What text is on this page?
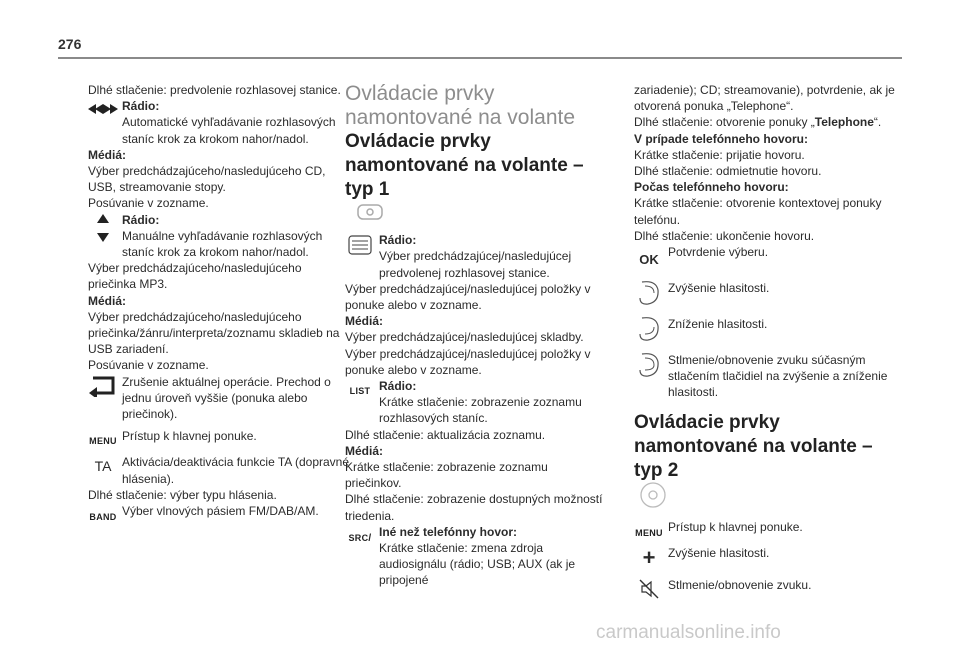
276

Dlhé stlačenie: predvolenie rozhlasovej stanice.

Rádio:

Automatické vyhľadávanie rozhlasových staníc krok za krokom nahor/nadol.

Médiá:

Výber predchádzajúceho/nasledujúceho CD, USB, streamovanie stopy.

Posúvanie v zozname.

Rádio:

Manuálne vyhľadávanie rozhlasových staníc krok za krokom nahor/nadol.

Výber predchádzajúceho/nasledujúceho priečinka MP3.

Médiá:

Výber predchádzajúceho/nasledujúceho priečinka/žánru/interpreta/zoznamu skladieb na USB zariadení.

Posúvanie v zozname.

Zrušenie aktuálnej operácie. Prechod o jednu úroveň vyššie (ponuka alebo priečinok).

MENU Prístup k hlavnej ponuke.

TA Aktivácia/deaktivácia funkcie TA (dopravné hlásenia).

Dlhé stlačenie: výber typu hlásenia.

BAND Výber vlnových pásiem FM/DAB/AM.

Ovládacie prvky namontované na volante

Ovládacie prvky namontované na volante – typ 1

Rádio:

Výber predchádzajúcej/nasledujúcej predvolenej rozhlasovej stanice.

Výber predchádzajúcej/nasledujúcej položky v ponuke alebo v zozname.

Médiá:

Výber predchádzajúcej/nasledujúcej skladby.

Výber predchádzajúcej/nasledujúcej položky v ponuke alebo v zozname.

LIST Rádio:

Krátke stlačenie: zobrazenie zoznamu rozhlasových staníc.

Dlhé stlačenie: aktualizácia zoznamu.

Médiá:

Krátke stlačenie: zobrazenie zoznamu priečinkov.

Dlhé stlačenie: zobrazenie dostupných možností triedenia.

SRC/ Iné než telefónny hovor:

Krátke stlačenie: zmena zdroja audiosignálu (rádio; USB; AUX (ak je pripojené

zariadenie); CD; streamovanie), potvrdenie, ak je otvorená ponuka „Telephone“.

Dlhé stlačenie: otvorenie ponuky „Telephone“.

V prípade telefónneho hovoru:

Krátke stlačenie: prijatie hovoru.

Dlhé stlačenie: odmietnutie hovoru.

Počas telefónneho hovoru:

Krátke stlačenie: otvorenie kontextovej ponuky telefónu.

Dlhé stlačenie: ukončenie hovoru.

OK Potvrdenie výberu.

Zvýšenie hlasitosti.

Zníženie hlasitosti.

Stlmenie/obnovenie zvuku súčasným stlačením tlačidiel na zvýšenie a zníženie hlasitosti.

Ovládacie prvky namontované na volante – typ 2

MENU Prístup k hlavnej ponuke.

+	Zvýšenie hlasitosti.

Stlmenie/obnovenie zvuku.

carmanualsonline.info
